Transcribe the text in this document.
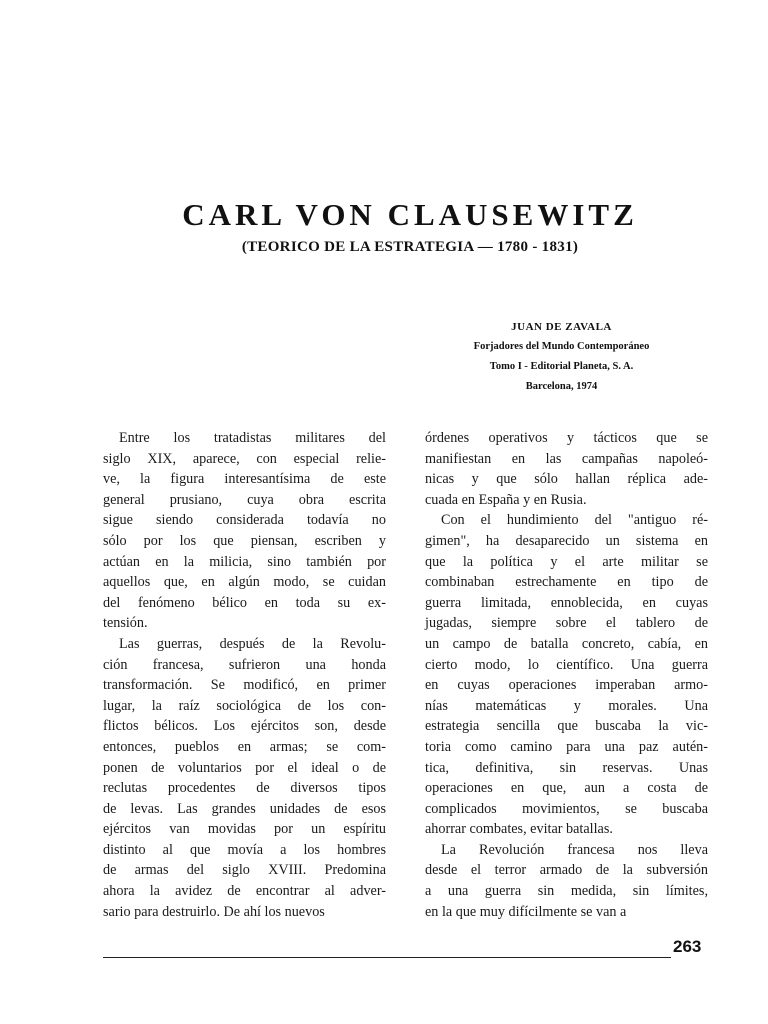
CARL VON CLAUSEWITZ
(TEORICO DE LA ESTRATEGIA — 1780 - 1831)
JUAN DE ZAVALA
Forjadores del Mundo Contemporáneo
Tomo I - Editorial Planeta, S. A.
Barcelona, 1974
Entre los tratadistas militares del
siglo XIX, aparece, con especial relie-
ve, la figura interesantísima de este
general prusiano, cuya obra escrita
sigue siendo considerada todavía no
sólo por los que piensan, escriben y
actúan en la milicia, sino también por
aquellos que, en algún modo, se cuidan
del fenómeno bélico en toda su ex-
tensión.
Las guerras, después de la Revolu-
ción francesa, sufrieron una honda
transformación. Se modificó, en primer
lugar, la raíz sociológica de los con-
flictos bélicos. Los ejércitos son, desde
entonces, pueblos en armas; se com-
ponen de voluntarios por el ideal o de
reclutas procedentes de diversos tipos
de levas. Las grandes unidades de esos
ejércitos van movidas por un espíritu
distinto al que movía a los hombres
de armas del siglo XVIII. Predomina
ahora la avidez de encontrar al adver-
sario para destruirlo. De ahí los nuevos
órdenes operativos y tácticos que se
manifiestan en las campañas napoleó-
nicas y que sólo hallan réplica ade-
cuada en España y en Rusia.
Con el hundimiento del "antiguo ré-
gimen", ha desaparecido un sistema en
que la política y el arte militar se
combinaban estrechamente en tipo de
guerra limitada, ennoblecida, en cuyas
jugadas, siempre sobre el tablero de
un campo de batalla concreto, cabía, en
cierto modo, lo científico. Una guerra
en cuyas operaciones imperaban armo-
nías matemáticas y morales. Una
estrategia sencilla que buscaba la vic-
toria como camino para una paz autén-
tica, definitiva, sin reservas. Unas
operaciones en que, aun a costa de
complicados movimientos, se buscaba
ahorrar combates, evitar batallas.
La Revolución francesa nos lleva
desde el terror armado de la subversión
a una guerra sin medida, sin límites,
en la que muy difícilmente se van a
263
